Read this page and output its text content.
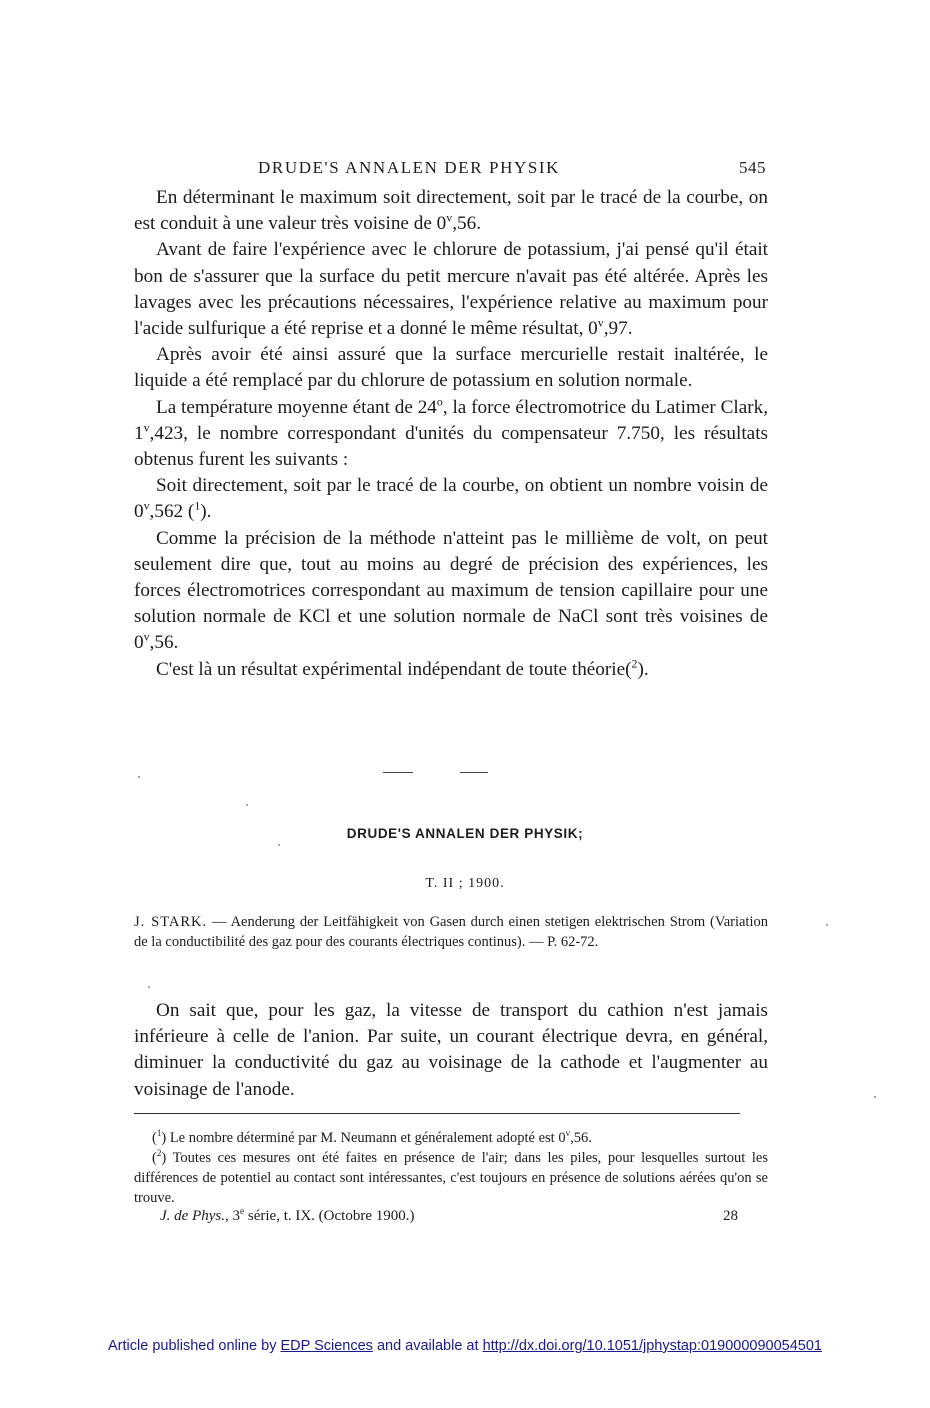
DRUDE'S ANNALEN DER PHYSIK	545

En déterminant le maximum soit directement, soit par le tracé de la courbe, on est conduit à une valeur très voisine de 0$^v$,56.

Avant de faire l'expérience avec le chlorure de potassium, j'ai pensé qu'il était bon de s'assurer que la surface du petit mercure n'avait pas été altérée. Après les lavages avec les précautions nécessaires, l'expérience relative au maximum pour l'acide sulfurique a été reprise et a donné le même résultat, 0$^v$,97.

Après avoir été ainsi assuré que la surface mercurielle restait inaltérée, le liquide a été remplacé par du chlorure de potassium en solution normale.

La température moyenne étant de 24$^o$, la force électromotrice du Latimer Clark, 1$^v$,423, le nombre correspondant d'unités du compensateur 7.750, les résultats obtenus furent les suivants :

Soit directement, soit par le tracé de la courbe, on obtient un nombre voisin de 0$^v$,562 ($^1$).

Comme la précision de la méthode n'atteint pas le millième de volt, on peut seulement dire que, tout au moins au degré de précision des expériences, les forces électromotrices correspondant au maximum de tension capillaire pour une solution normale de KCl et une solution normale de NaCl sont très voisines de 0$^v$,56.

C'est là un résultat expérimental indépendant de toute théorie($^2$).

DRUDE'S ANNALEN DER PHYSIK;
T. II ; 1900.
J. STARK. — Aenderung der Leitfähigkeit von Gasen durch einen stetigen elektrischen Strom (Variation de la conductibilité des gaz pour des courants électriques continus). — P. 62-72.

On sait que, pour les gaz, la vitesse de transport du cathion n'est jamais inférieure à celle de l'anion. Par suite, un courant électrique devra, en général, diminuer la conductivité du gaz au voisinage de la cathode et l'augmenter au voisinage de l'anode.

($^1$) Le nombre déterminé par M. Neumann et généralement adopté est 0$^v$,56.

($^2$) Toutes ces mesures ont été faites en présence de l'air; dans les piles, pour lesquelles surtout les différences de potentiel au contact sont intéressantes, c'est toujours en présence de solutions aérées qu'on se trouve.

J. de Phys., 3e série, t. IX. (Octobre 1900.)	28
Article published online by EDP Sciences and available at http://dx.doi.org/10.1051/jphystap:019000090054501
